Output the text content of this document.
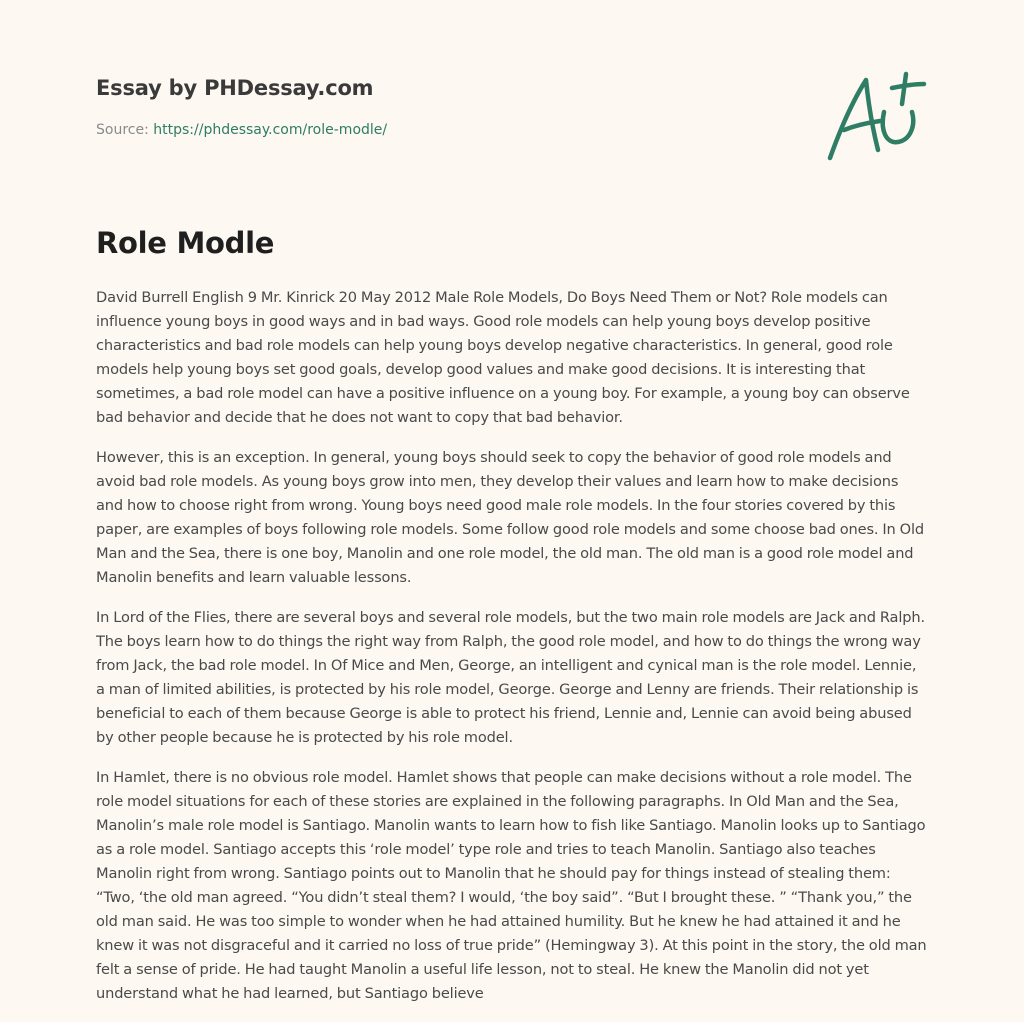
Essay by PHDessay.com
Source: https://phdessay.com/role-modle/
Role Modle

David Burrell English 9 Mr. Kinrick 20 May 2012 Male Role Models, Do Boys Need Them or Not? Role models can influence young boys in good ways and in bad ways. Good role models can help young boys develop positive characteristics and bad role models can help young boys develop negative characteristics. In general, good role models help young boys set good goals, develop good values and make good decisions. It is interesting that sometimes, a bad role model can have a positive influence on a young boy. For example, a young boy can observe bad behavior and decide that he does not want to copy that bad behavior.

However, this is an exception. In general, young boys should seek to copy the behavior of good role models and avoid bad role models. As young boys grow into men, they develop their values and learn how to make decisions and how to choose right from wrong. Young boys need good male role models. In the four stories covered by this paper, are examples of boys following role models. Some follow good role models and some choose bad ones. In Old Man and the Sea, there is one boy, Manolin and one role model, the old man. The old man is a good role model and Manolin benefits and learn valuable lessons.

In Lord of the Flies, there are several boys and several role models, but the two main role models are Jack and Ralph. The boys learn how to do things the right way from Ralph, the good role model, and how to do things the wrong way from Jack, the bad role model. In Of Mice and Men, George, an intelligent and cynical man is the role model. Lennie, a man of limited abilities, is protected by his role model, George. George and Lenny are friends. Their relationship is beneficial to each of them because George is able to protect his friend, Lennie and, Lennie can avoid being abused by other people because he is protected by his role model.

In Hamlet, there is no obvious role model. Hamlet shows that people can make decisions without a role model. The role model situations for each of these stories are explained in the following paragraphs. In Old Man and the Sea, Manolin’s male role model is Santiago. Manolin wants to learn how to fish like Santiago. Manolin looks up to Santiago as a role model. Santiago accepts this ‘role model’ type role and tries to teach Manolin. Santiago also teaches Manolin right from wrong. Santiago points out to Manolin that he should pay for things instead of stealing them: “Two, ‘the old man agreed. “You didn’t steal them? I would, ‘the boy said”. “But I brought these. ” “Thank you,” the old man said. He was too simple to wonder when he had attained humility. But he knew he had attained it and he knew it was not disgraceful and it carried no loss of true pride” (Hemingway 3). At this point in the story, the old man felt a sense of pride. He had taught Manolin a useful life lesson, not to steal. He knew the Manolin did not yet understand what he had learned, but Santiago believe
